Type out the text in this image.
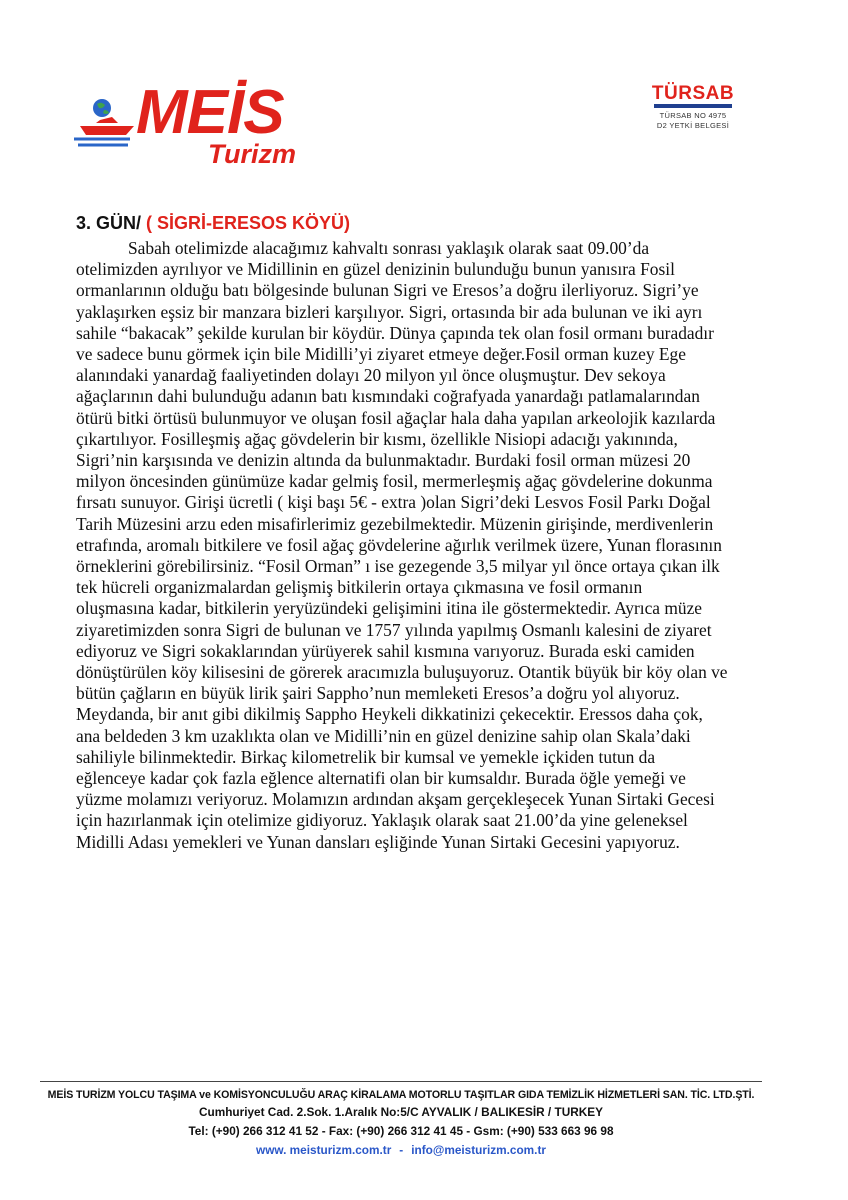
MEİS
Turizm
TÜRSAB
TÜRSAB NO 4975
D2 YETKİ BELGESİ
3. GÜN/ ( SİGRİ-ERESOS KÖYÜ)
Sabah otelimizde alacağımız kahvaltı sonrası yaklaşık olarak saat 09.00’da
otelimizden ayrılıyor ve Midillinin en güzel denizinin bulunduğu bunun yanısıra Fosil
ormanlarının olduğu batı bölgesinde bulunan Sigri ve Eresos’a doğru ilerliyoruz. Sigri’ye
yaklaşırken eşsiz bir manzara bizleri karşılıyor. Sigri, ortasında bir ada bulunan ve iki ayrı
sahile “bakacak” şekilde kurulan bir köydür. Dünya çapında tek olan fosil ormanı buradadır
ve sadece bunu görmek için bile Midilli’yi ziyaret etmeye değer.Fosil orman kuzey Ege
alanındaki yanardağ faaliyetinden dolayı 20 milyon yıl önce oluşmuştur. Dev sekoya
ağaçlarının dahi bulunduğu adanın batı kısmındaki coğrafyada yanardağı patlamalarından
ötürü bitki örtüsü bulunmuyor ve oluşan fosil ağaçlar hala daha yapılan arkeolojik kazılarda
çıkartılıyor. Fosilleşmiş ağaç gövdelerin bir kısmı, özellikle Nisiopi adacığı yakınında,
Sigri’nin karşısında ve denizin altında da bulunmaktadır. Burdaki fosil orman müzesi 20
milyon öncesinden günümüze kadar gelmiş fosil, mermerleşmiş ağaç gövdelerine dokunma
fırsatı sunuyor. Girişi ücretli ( kişi başı 5€ - extra )olan Sigri’deki Lesvos Fosil Parkı Doğal
Tarih Müzesini arzu eden misafirlerimiz gezebilmektedir. Müzenin girişinde, merdivenlerin
etrafında, aromalı bitkilere ve fosil ağaç gövdelerine ağırlık verilmek üzere, Yunan florasının
örneklerini görebilirsiniz. “Fosil Orman” ı ise gezegende 3,5 milyar yıl önce ortaya çıkan ilk
tek hücreli organizmalardan gelişmiş bitkilerin ortaya çıkmasına ve fosil ormanın
oluşmasına kadar, bitkilerin yeryüzündeki gelişimini itina ile göstermektedir. Ayrıca müze
ziyaretimizden sonra Sigri de bulunan ve 1757 yılında yapılmış Osmanlı kalesini de ziyaret
ediyoruz ve Sigri sokaklarından yürüyerek sahil kısmına varıyoruz. Burada eski camiden
dönüştürülen köy kilisesini de görerek aracımızla buluşuyoruz. Otantik büyük bir köy olan ve
bütün çağların en büyük lirik şairi Sappho’nun memleketi Eresos’a doğru yol alıyoruz.
Meydanda, bir anıt gibi dikilmiş Sappho Heykeli dikkatinizi çekecektir. Eressos daha çok,
ana beldeden 3 km uzaklıkta olan ve Midilli’nin en güzel denizine sahip olan Skala’daki
sahiliyle bilinmektedir. Birkaç kilometrelik bir kumsal ve yemekle içkiden tutun da
eğlenceye kadar çok fazla eğlence alternatifi olan bir kumsaldır. Burada öğle yemeği ve
yüzme molamızı veriyoruz. Molamızın ardından akşam gerçekleşecek Yunan Sirtaki Gecesi
için hazırlanmak için otelimize gidiyoruz. Yaklaşık olarak saat 21.00’da yine geleneksel
Midilli Adası yemekleri ve Yunan dansları eşliğinde Yunan Sirtaki Gecesini yapıyoruz.
MEİS TURİZM YOLCU TAŞIMA ve KOMİSYONCULUĞU ARAÇ KİRALAMA MOTORLU TAŞITLAR GIDA TEMİZLİK HİZMETLERİ SAN. TİC. LTD.ŞTİ.
Cumhuriyet Cad. 2.Sok. 1.Aralık No:5/C AYVALIK / BALIKESİR / TURKEY
Tel: (+90) 266 312 41 52 - Fax: (+90) 266 312 41 45 - Gsm: (+90) 533 663 96 98
www. meisturizm.com.tr - info@meisturizm.com.tr
